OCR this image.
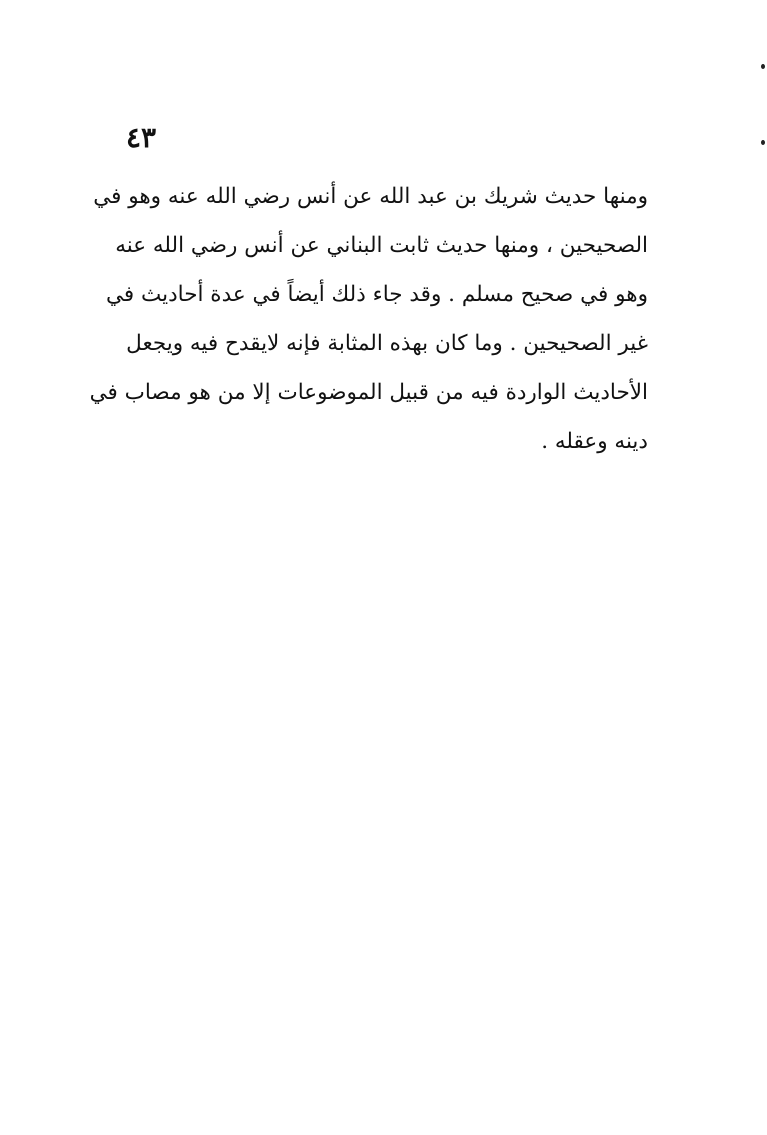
٤٣
ومنها حديث شريك بن عبد الله عن أنس رضي الله عنه وهو في
الصحيحين ، ومنها حديث ثابت البناني عن أنس رضي الله عنه
وهو في صحيح مسلم . وقد جاء ذلك أيضاً في عدة أحاديث في
غير الصحيحين . وما كان بهذه المثابة فإنه لايقدح فيه ويجعل
الأحاديث الواردة فيه من قبيل الموضوعات إلا من هو مصاب في
دينه وعقله .
